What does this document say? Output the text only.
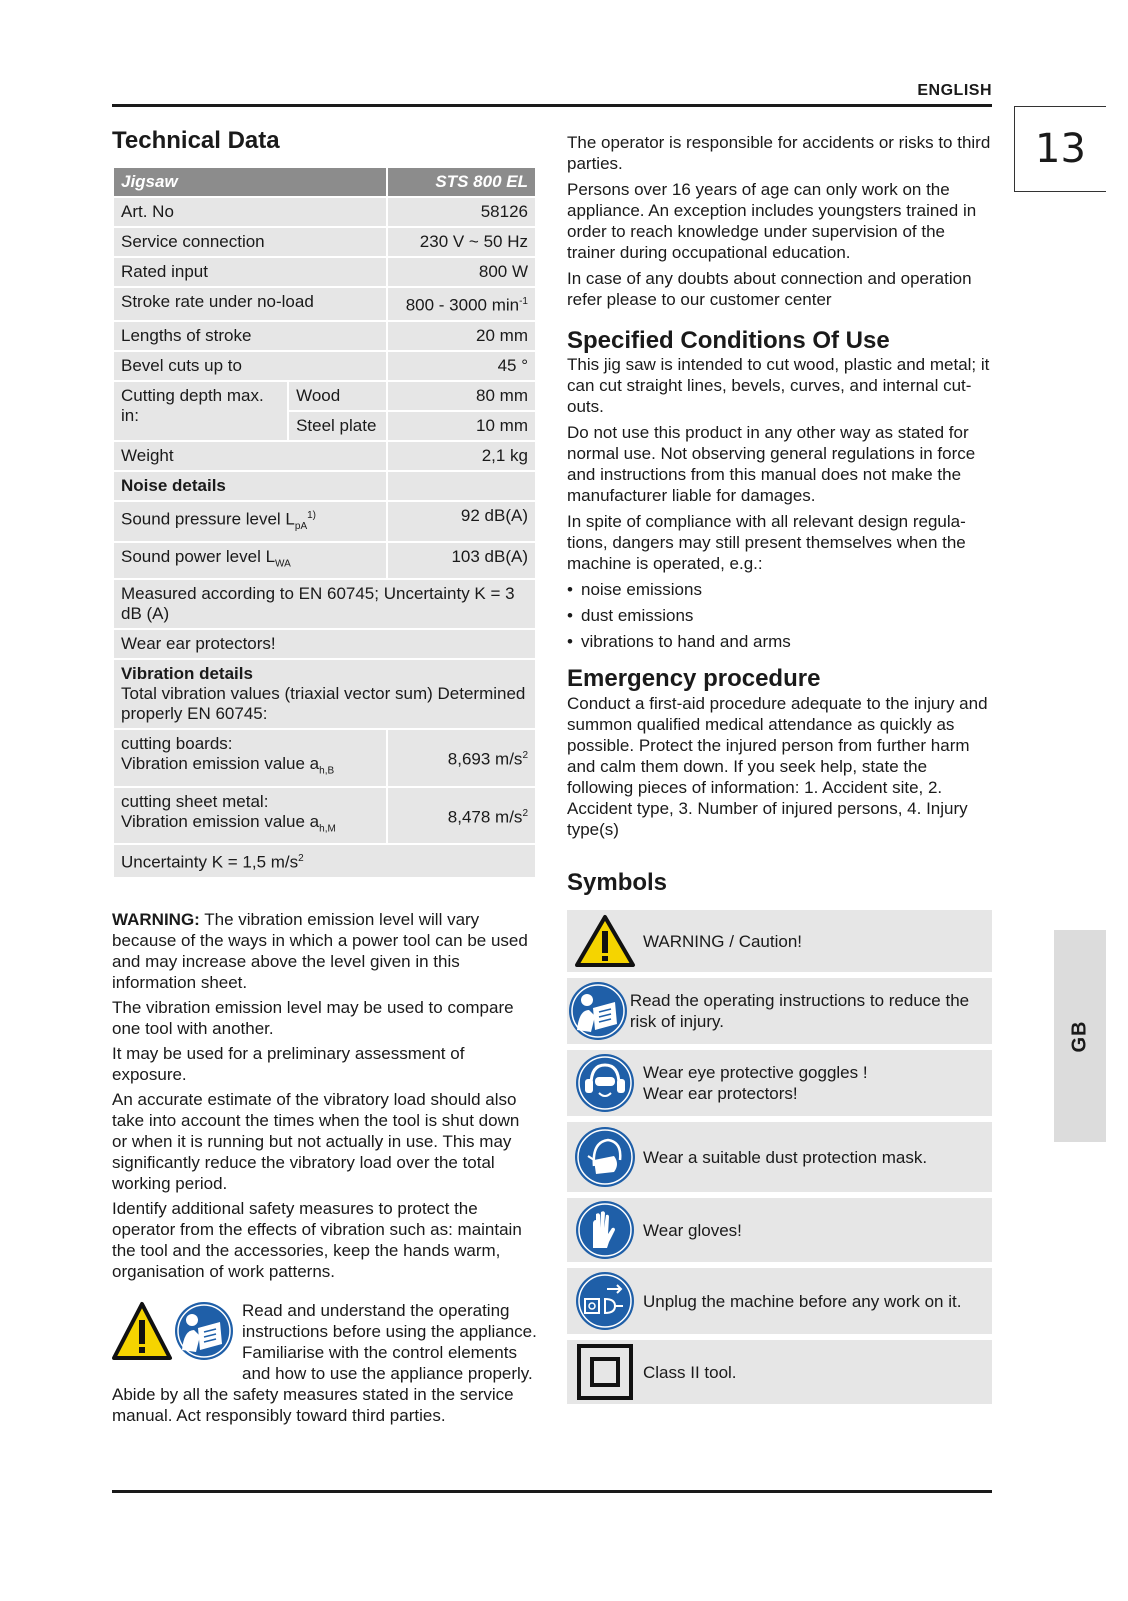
ENGLISH
13
GB
Technical Data
Jigsaw		STS 800 EL
Art. No		58126
Service connection		230 V ~ 50 Hz
Rated input		800 W
Stroke rate under no-load		800 - 3000 $\min^{-1}$
Lengths of stroke		20 mm
Bevel cuts up to		45 °
Cutting depth max. in:	Wood	80 mm
	Steel plate	10 mm
Weight		2,1 kg
Noise details		
Sound pressure level $L_{pA}^{1)}$		92 dB(A)
Sound power level $L_{WA}$		103 dB(A)
Measured according to EN 60745; Uncertainty K = 3 dB (A)		
Wear ear protectors!		

Vibration details
Total vibration values (triaxial vector sum) Determined properly EN 60745:		

cutting boards:
Vibration emission value $a_{h,B}$		8,693 $m/s^2$

cutting sheet metal:
Vibration emission value $a_{h,M}$		8,478 $m/s^2$
Uncertainty K = 1,5 $m/s^2$

WARNING: The vibration emission level will vary because of the ways in which a power tool can be used and may increase above the level given in this information sheet.

The vibration emission level may be used to compare one tool with another.

It may be used for a preliminary assessment of exposure.

An accurate estimate of the vibratory load should also take into account the times when the tool is shut down or when it is running but not actually in use. This may significantly reduce the vibratory load over the total working period.

Identify additional safety measures to protect the operator from the effects of vibration such as: maintain the tool and the accessories, keep the hands warm, organisation of work patterns.

Read and understand the operating instructions before using the appliance. Familiarise with the control elements and how to use the appliance properly. Abide by all the safety measures stated in the service manual. Act responsibly toward third parties.

The operator is responsible for accidents or risks to third parties.

Persons over 16 years of age can only work on the appliance. An exception includes youngsters trained in order to reach knowledge under supervision of the trainer during occupational education.

In case of any doubts about connection and operation refer please to our customer center

Specified Conditions Of Use

This jig saw is intended to cut wood, plastic and metal; it can cut straight lines, bevels, curves, and internal cut-outs.

Do not use this product in any other way as stated for normal use. Not observing general regulations in force and instructions from this manual does not make the manufacturer liable for damages.

In spite of compliance with all relevant design regulations, dangers may still present themselves when the machine is operated, e.g.:

• noise emissions
• dust emissions
• vibrations to hand and arms
Emergency procedure

Conduct a first-aid procedure adequate to the injury and summon qualified medical attendance as quickly as possible. Protect the injured person from further harm and calm them down. If you seek help, state the following pieces of information: 1. Accident site, 2. Accident type, 3. Number of injured persons, 4. Injury type(s)

Symbols
WARNING / Caution!
Read the operating instructions to reduce the risk of injury.
Wear eye protective goggles !
Wear ear protectors!
Wear a suitable dust protection mask.
Wear gloves!
Unplug the machine before any work on it.
Class II tool.
